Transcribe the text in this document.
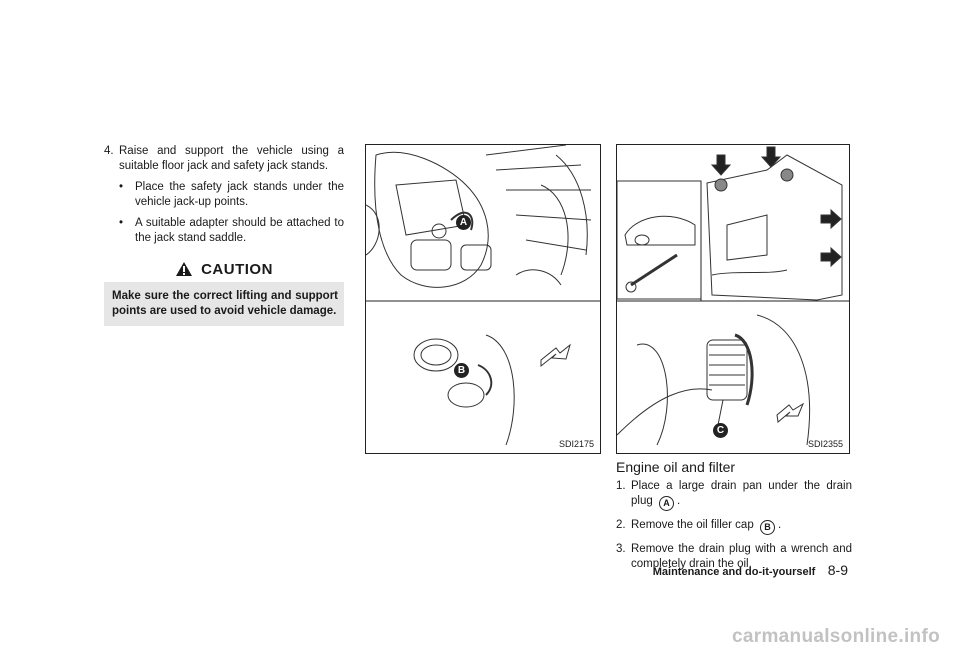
4. Raise and support the vehicle using a suitable floor jack and safety jack stands.
•	Place the safety jack stands under the vehicle jack-up points.
•	A suitable adapter should be attached to the jack stand saddle.
CAUTION
Make sure the correct lifting and support points are used to avoid vehicle damage.
A
B
SDI2175
C
SDI2355
Engine oil and filter
1. Place a large drain pan under the drain plug A .
2. Remove the oil filler cap B .
3. Remove the drain plug with a wrench and completely drain the oil.
Maintenance and do-it-yourself 8-9
carmanualsonline.info
